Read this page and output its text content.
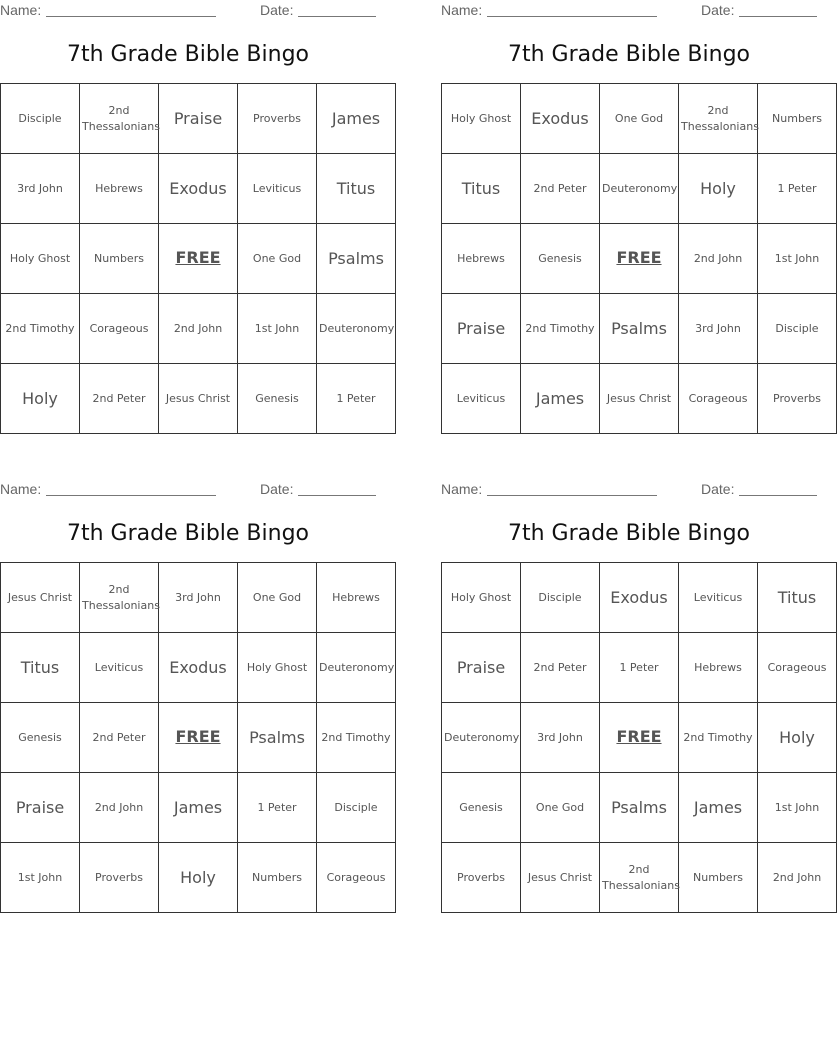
Name:	Date:
7th Grade Bible Bingo
Disciple	2nd Thessalonians	Praise	Proverbs	James
3rd John	Hebrews	Exodus	Leviticus	Titus
Holy Ghost	Numbers	FREE	One God	Psalms
2nd Timothy	Corageous	2nd John	1st John	Deuteronomy
Holy	2nd Peter	Jesus Christ	Genesis	1 Peter
Name:	Date:
7th Grade Bible Bingo
Holy Ghost	Exodus	One God	2nd Thessalonians	Numbers
Titus	2nd Peter	Deuteronomy	Holy	1 Peter
Hebrews	Genesis	FREE	2nd John	1st John
Praise	2nd Timothy	Psalms	3rd John	Disciple
Leviticus	James	Jesus Christ	Corageous	Proverbs
Name:	Date:
7th Grade Bible Bingo
Jesus Christ	2nd Thessalonians	3rd John	One God	Hebrews
Titus	Leviticus	Exodus	Holy Ghost	Deuteronomy
Genesis	2nd Peter	FREE	Psalms	2nd Timothy
Praise	2nd John	James	1 Peter	Disciple
1st John	Proverbs	Holy	Numbers	Corageous
Name:	Date:
7th Grade Bible Bingo
Holy Ghost	Disciple	Exodus	Leviticus	Titus
Praise	2nd Peter	1 Peter	Hebrews	Corageous
Deuteronomy	3rd John	FREE	2nd Timothy	Holy
Genesis	One God	Psalms	James	1st John
Proverbs	Jesus Christ	2nd Thessalonians	Numbers	2nd John
